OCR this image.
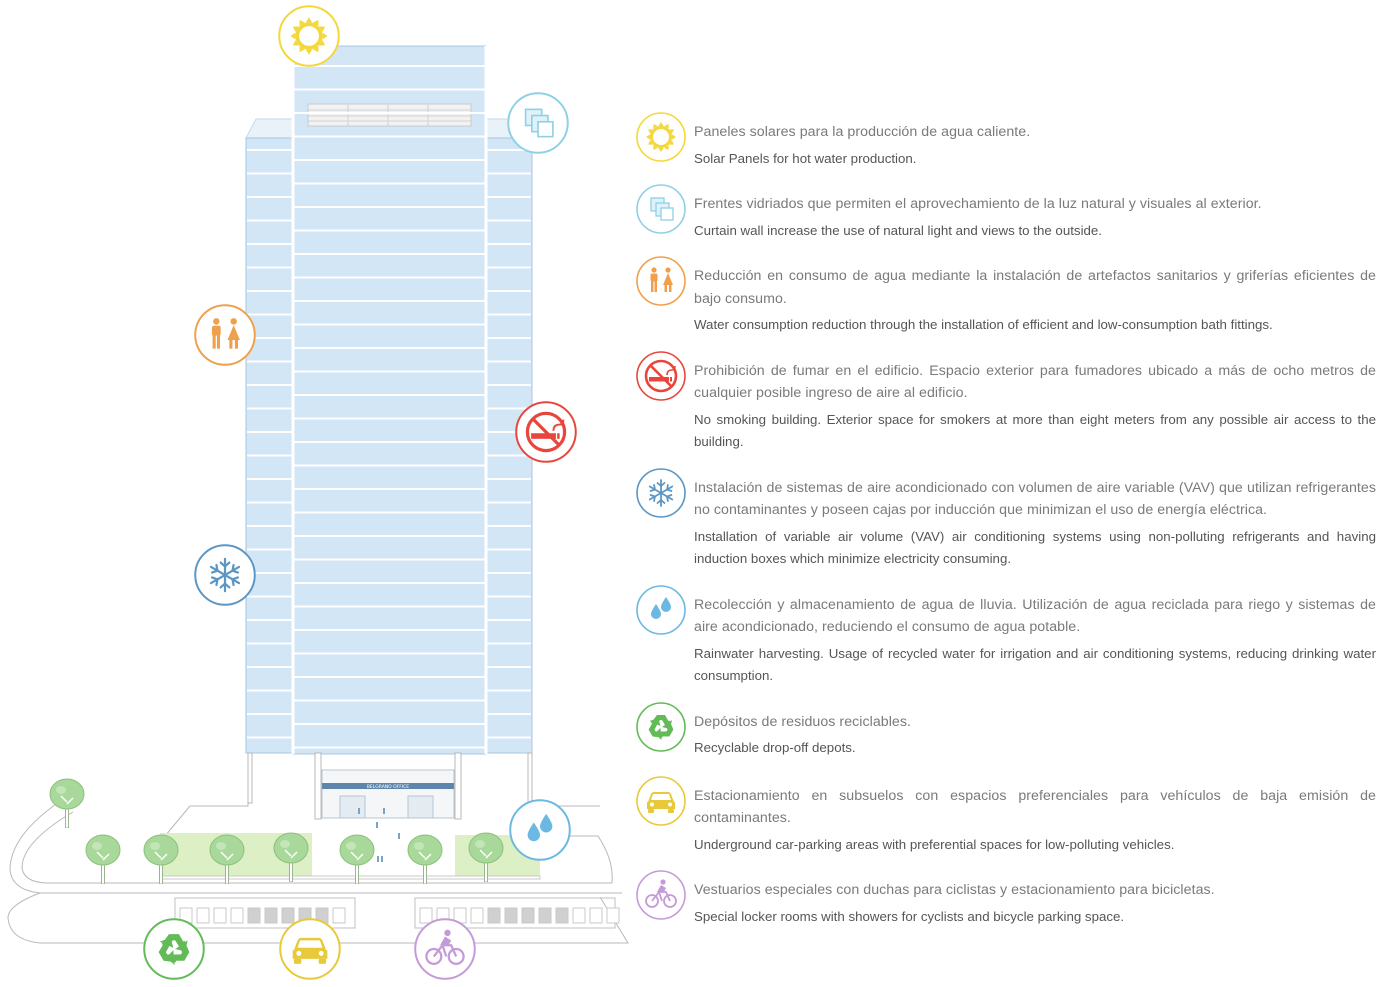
BELGRANO OFFICE

Paneles solares para la producción de agua caliente.

Solar Panels for hot water production.

Frentes vidriados que permiten el aprovechamiento de la luz natural y visuales al exterior.

Curtain wall increase the use of natural light and views to the outside.

Reducción en consumo de agua mediante la instalación de artefactos sanitarios y griferías eficientes de bajo consumo.

Water consumption reduction through the installation of efficient and low-consumption bath fittings.

Prohibición de fumar en el edificio. Espacio exterior para fumadores ubicado a más de ocho metros de cualquier posible ingreso de aire al edificio.

No smoking building. Exterior space for smokers at more than eight meters from any possible air access to the building.

Instalación de sistemas de aire acondicionado con volumen de aire variable (VAV) que utilizan refrigerantes no contaminantes y poseen cajas por inducción que minimizan el uso de energía eléctrica.

Installation of variable air volume (VAV) air conditioning systems using non-polluting refrigerants and having induction boxes which minimize electricity consuming.

Recolección y almacenamiento de agua de lluvia. Utilización de agua reciclada para riego y sistemas de aire acondicionado, reduciendo el consumo de agua potable.

Rainwater harvesting. Usage of recycled water for irrigation and air conditioning systems, reducing drinking water consumption.

Depósitos de residuos reciclables.

Recyclable drop-off depots.

Estacionamiento en subsuelos con espacios preferenciales para vehículos de baja emisión de contaminantes.

Underground car-parking areas with preferential spaces for low-polluting vehicles.

Vestuarios especiales con duchas para ciclistas y estacionamiento para bicicletas.

Special locker rooms with showers for cyclists and bicycle parking space.
